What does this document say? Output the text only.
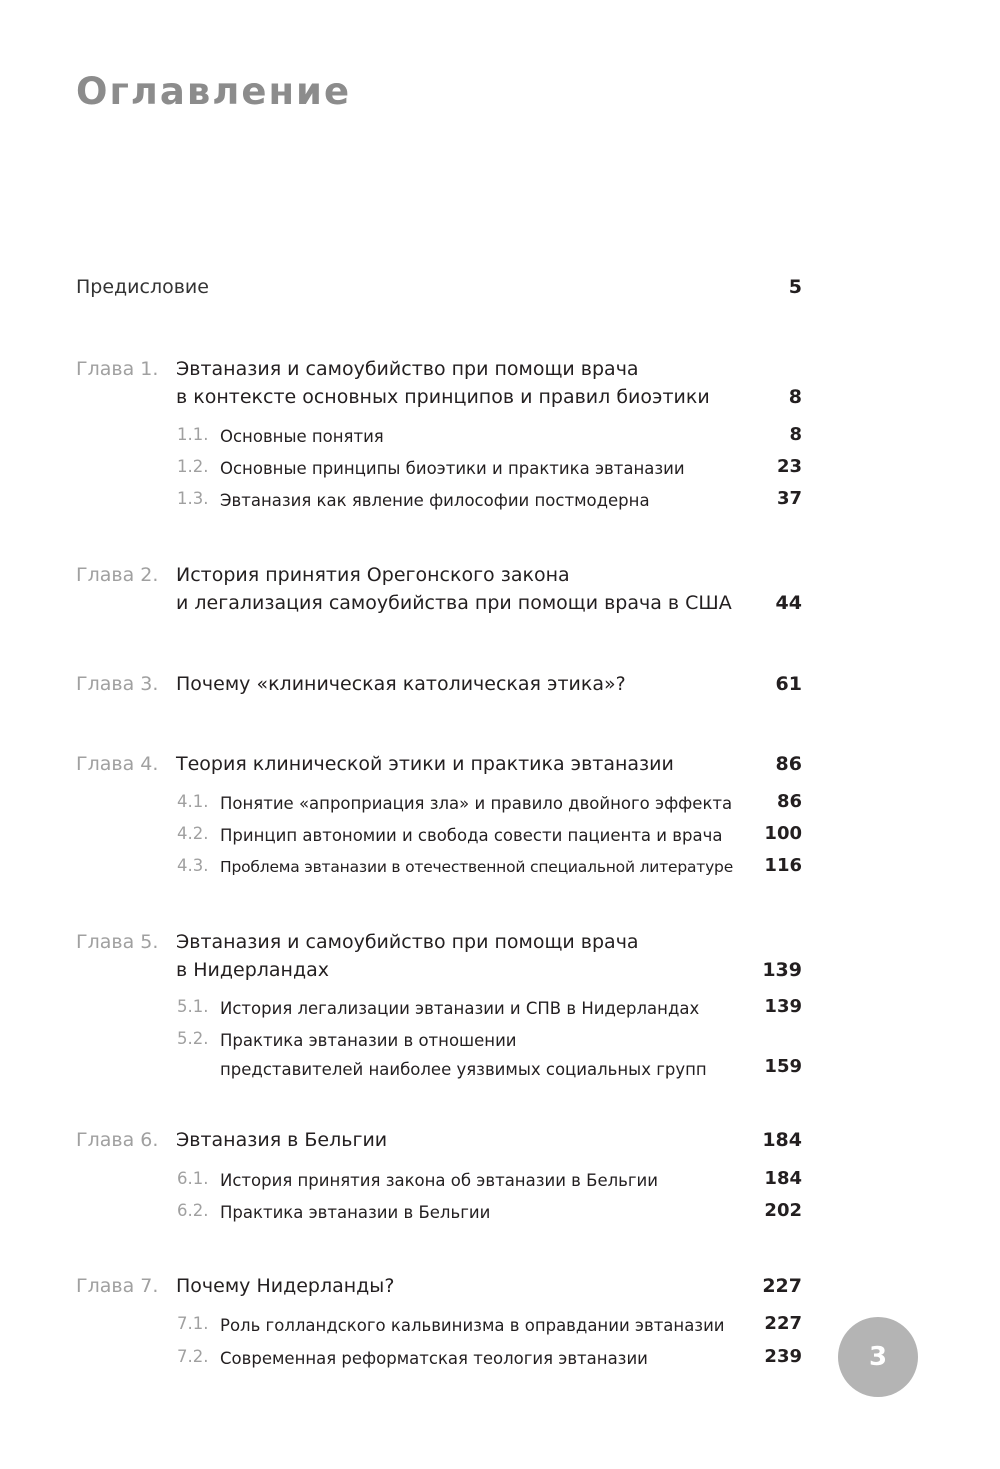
Оглавление
Предисловие	5
Глава 1. Эвтаназия и самоубийство при помощи врача
в контексте основных принципов и правил биоэтики	8
1.1. Основные понятия	8
1.2. Основные принципы биоэтики и практика эвтаназии	23
1.3. Эвтаназия как явление философии постмодерна	37
Глава 2. История принятия Орегонского закона
и легализация самоубийства при помощи врача в США	44
Глава 3. Почему «клиническая католическая этика»?	61
Глава 4. Теория клинической этики и практика эвтаназии	86
4.1. Понятие «апроприация зла» и правило двойного эффекта	86
4.2. Принцип автономии и свобода совести пациента и врача	100
4.3. Проблема эвтаназии в отечественной специальной литературе	116
Глава 5. Эвтаназия и самоубийство при помощи врача
в Нидерландах	139
5.1. История легализации эвтаназии и СПВ в Нидерландах	139
5.2. Практика эвтаназии в отношении
представителей наиболее уязвимых социальных групп	159
Глава 6. Эвтаназия в Бельгии	184
6.1. История принятия закона об эвтаназии в Бельгии	184
6.2. Практика эвтаназии в Бельгии	202
Глава 7. Почему Нидерланды?	227
7.1. Роль голландского кальвинизма в оправдании эвтаназии	227
7.2. Современная реформатская теология эвтаназии	239	3
